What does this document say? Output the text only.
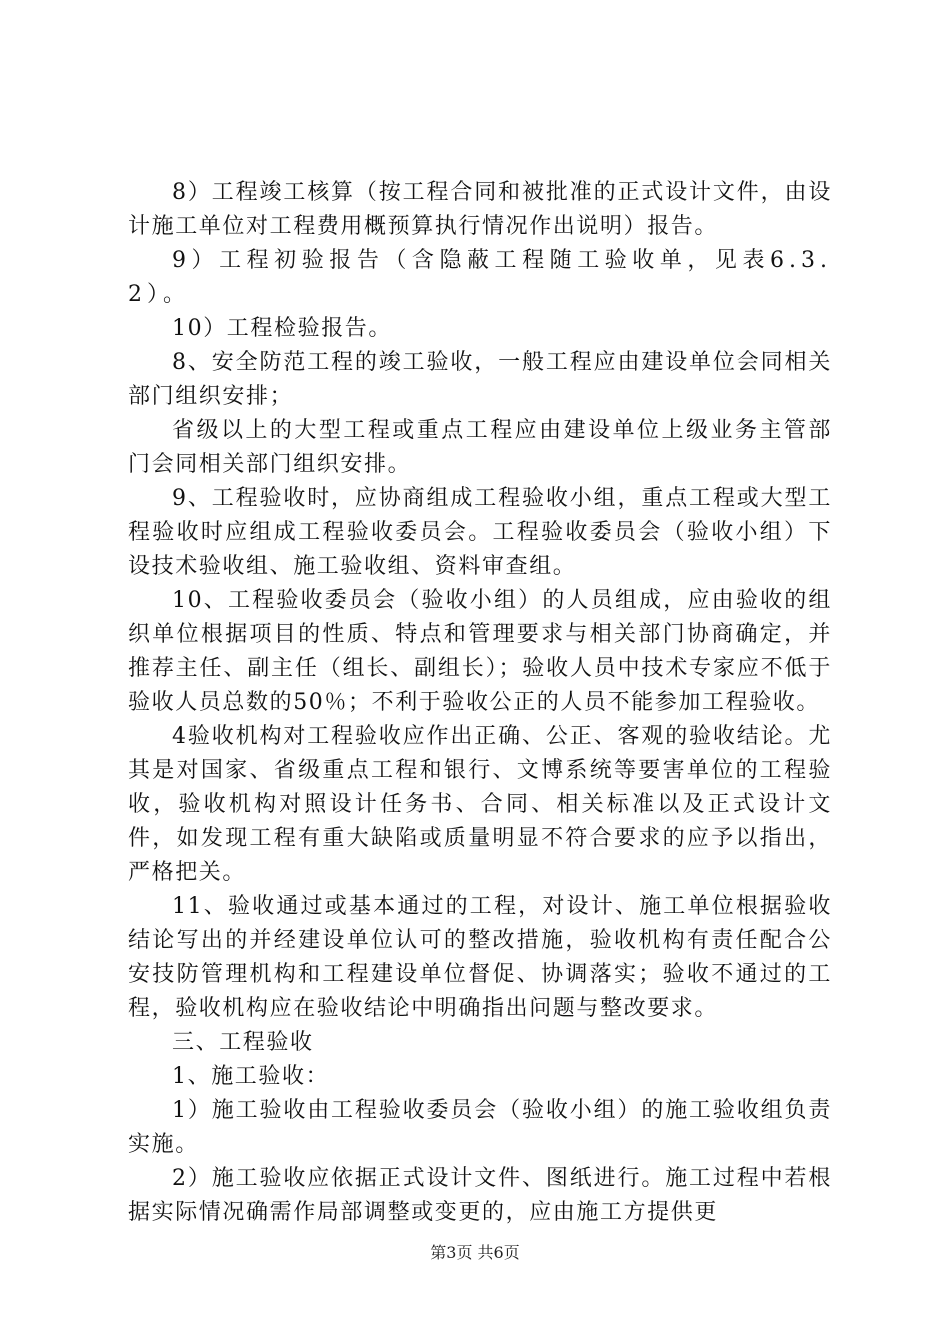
8）工程竣工核算（按工程合同和被批准的正式设计文件，由设计施工单位对工程费用概预算执行情况作出说明）报告。

9）工程初验报告（含隐蔽工程随工验收单，见表6.3.2）。

10）工程检验报告。

8、安全防范工程的竣工验收，一般工程应由建设单位会同相关部门组织安排；

省级以上的大型工程或重点工程应由建设单位上级业务主管部门会同相关部门组织安排。

9、工程验收时，应协商组成工程验收小组，重点工程或大型工程验收时应组成工程验收委员会。工程验收委员会（验收小组）下设技术验收组、施工验收组、资料审查组。

10、工程验收委员会（验收小组）的人员组成，应由验收的组织单位根据项目的性质、特点和管理要求与相关部门协商确定，并推荐主任、副主任（组长、副组长）；验收人员中技术专家应不低于验收人员总数的50％；不利于验收公正的人员不能参加工程验收。

4验收机构对工程验收应作出正确、公正、客观的验收结论。尤其是对国家、省级重点工程和银行、文博系统等要害单位的工程验收，验收机构对照设计任务书、合同、相关标准以及正式设计文件，如发现工程有重大缺陷或质量明显不符合要求的应予以指出，严格把关。

11、验收通过或基本通过的工程，对设计、施工单位根据验收结论写出的并经建设单位认可的整改措施，验收机构有责任配合公安技防管理机构和工程建设单位督促、协调落实；验收不通过的工程，验收机构应在验收结论中明确指出问题与整改要求。

三、工程验收

1、施工验收：

1）施工验收由工程验收委员会（验收小组）的施工验收组负责实施。

2）施工验收应依据正式设计文件、图纸进行。施工过程中若根据实际情况确需作局部调整或变更的，应由施工方提供更

第3页 共6页
